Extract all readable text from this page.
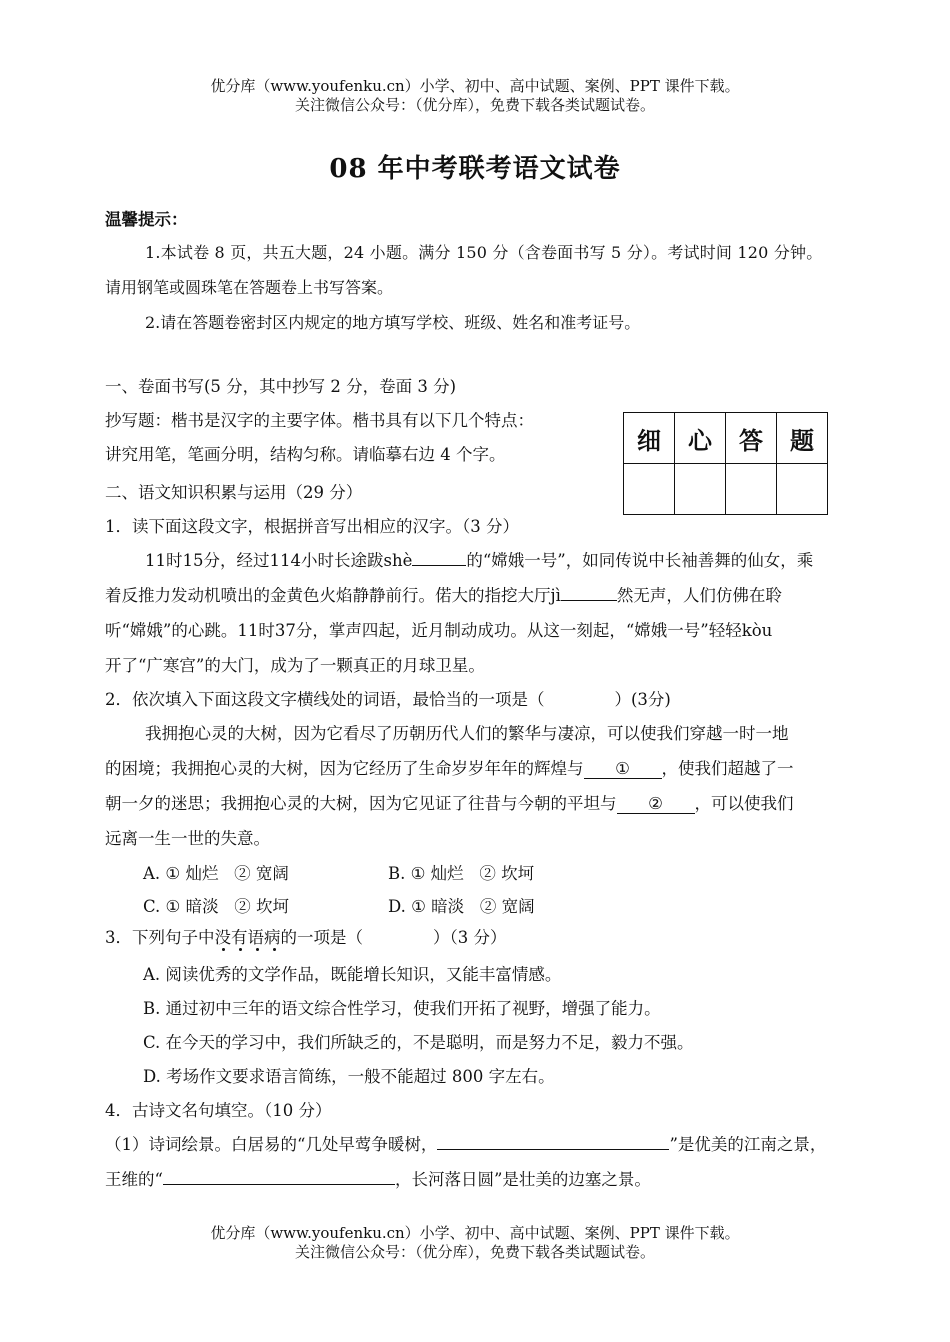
优分库（www.youfenku.cn）小学、初中、高中试题、案例、PPT 课件下载。
关注微信公众号：（优分库），免费下载各类试题试卷。
08 年中考联考语文试卷
温馨提示：
1.本试卷 8 页，共五大题，24 小题。满分 150 分（含卷面书写 5 分）。考试时间 120 分钟。
请用钢笔或圆珠笔在答题卷上书写答案。
2.请在答题卷密封区内规定的地方填写学校、班级、姓名和准考证号。
一、卷面书写(5 分，其中抄写 2 分，卷面 3 分)
抄写题：楷书是汉字的主要字体。楷书具有以下几个特点：
讲究用笔，笔画分明，结构匀称。请临摹右边 4 个字。	细	心	答	题

二、语文知识积累与运用（29 分）
1．读下面这段文字，根据拼音写出相应的汉字。（3 分）
11时15分，经过114小时长途跋shè	的“嫦娥一号”，如同传说中长袖善舞的仙女，乘
着反推力发动机喷出的金黄色火焰静静前行。偌大的指挖大厅jì	然无声，人们仿佛在聆
听“嫦娥”的心跳。11时37分，掌声四起，近月制动成功。从这一刻起，“嫦娥一号”轻轻kòu
开了“广寒宫”的大门，成为了一颗真正的月球卫星。
2．依次填入下面这段文字横线处的词语，最恰当的一项是（	）(3分)
我拥抱心灵的大树，因为它看尽了历朝历代人们的繁华与凄凉，可以使我们穿越一时一地
的困境；我拥抱心灵的大树，因为它经历了生命岁岁年年的辉煌与 ① ，使我们超越了一
朝一夕的迷思；我拥抱心灵的大树，因为它见证了往昔与今朝的平坦与 ② ，可以使我们
远离一生一世的失意。
A. ① 灿烂   ② 宽阔	B. ① 灿烂   ② 坎坷
C. ① 暗淡   ② 坎坷	D. ① 暗淡   ② 宽阔
3．下列句子中没有语病
的一项是（	）（3 分）
A. 阅读优秀的文学作品，既能增长知识，又能丰富情感。
B. 通过初中三年的语文综合性学习，使我们开拓了视野，增强了能力。
C. 在今天的学习中，我们所缺乏的，不是聪明，而是努力不足，毅力不强。
D. 考场作文要求语言简练，一般不能超过 800 字左右。
4．古诗文名句填空。（10 分）
（1）诗词绘景。白居易的“几处早莺争暖树，	”是优美的江南之景，
王维的“	，长河落日圆”是壮美的边塞之景。
优分库（www.youfenku.cn）小学、初中、高中试题、案例、PPT 课件下载。
关注微信公众号：（优分库），免费下载各类试题试卷。
